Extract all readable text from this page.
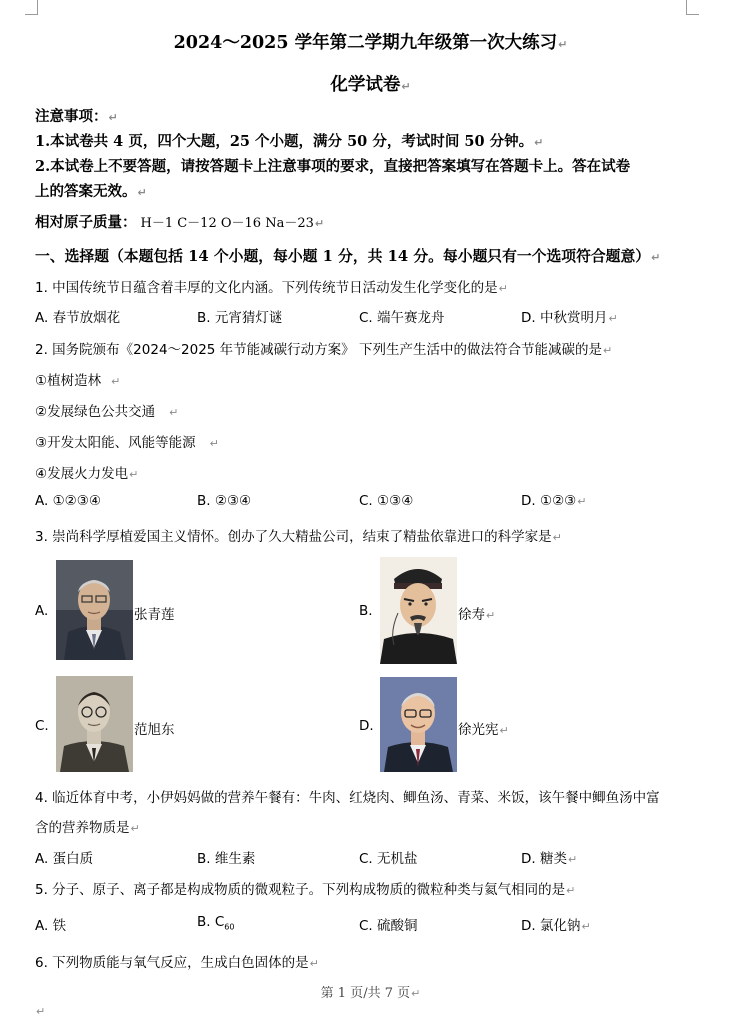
2024～2025 学年第二学期九年级第一次大练习↵
化学试卷↵
注意事项：↵
1.本试卷共 4 页，四个大题，25 个小题，满分 50 分，考试时间 50 分钟。↵
2.本试卷上不要答题，请按答题卡上注意事项的要求，直接把答案填写在答题卡上。答在试卷
上的答案无效。↵
相对原子质量： H－1 C－12 O－16 Na－23↵
一、选择题（本题包括 14 个小题，每小题 1 分，共 14 分。每小题只有一个选项符合题意）↵
1. 中国传统节日蕴含着丰厚的文化内涵。下列传统节日活动发生化学变化的是↵
A. 春节放烟花	B. 元宵猜灯谜	C. 端午赛龙舟	D. 中秋赏明月↵
2. 国务院颁布《2024～2025 年节能减碳行动方案》 下列生产生活中的做法符合节能减碳的是↵
①植树造林 ↵
②发展绿色公共交通 ↵
③开发太阳能、风能等能源 ↵
④发展火力发电↵
A. ①②③④	B. ②③④	C. ①③④	D. ①②③↵
3. 崇尚科学厚植爱国主义情怀。创办了久大精盐公司，结束了精盐依靠进口的科学家是↵
A.	张青莲	B.	徐寿↵
C.	范旭东	D.	徐光宪↵
4. 临近体育中考，小伊妈妈做的营养午餐有：牛肉、红烧肉、鲫鱼汤、青菜、米饭，该午餐中鲫鱼汤中富
含的营养物质是↵
A. 蛋白质	B. 维生素	C. 无机盐	D. 糖类↵
5. 分子、原子、离子都是构成物质的微观粒子。下列构成物质的微粒种类与氦气相同的是↵
A. 铁	B. $C_{60}$	C. 硫酸铜	D. 氯化钠↵
6. 下列物质能与氧气反应，生成白色固体的是↵
第 1 页/共 7 页↵
↵
